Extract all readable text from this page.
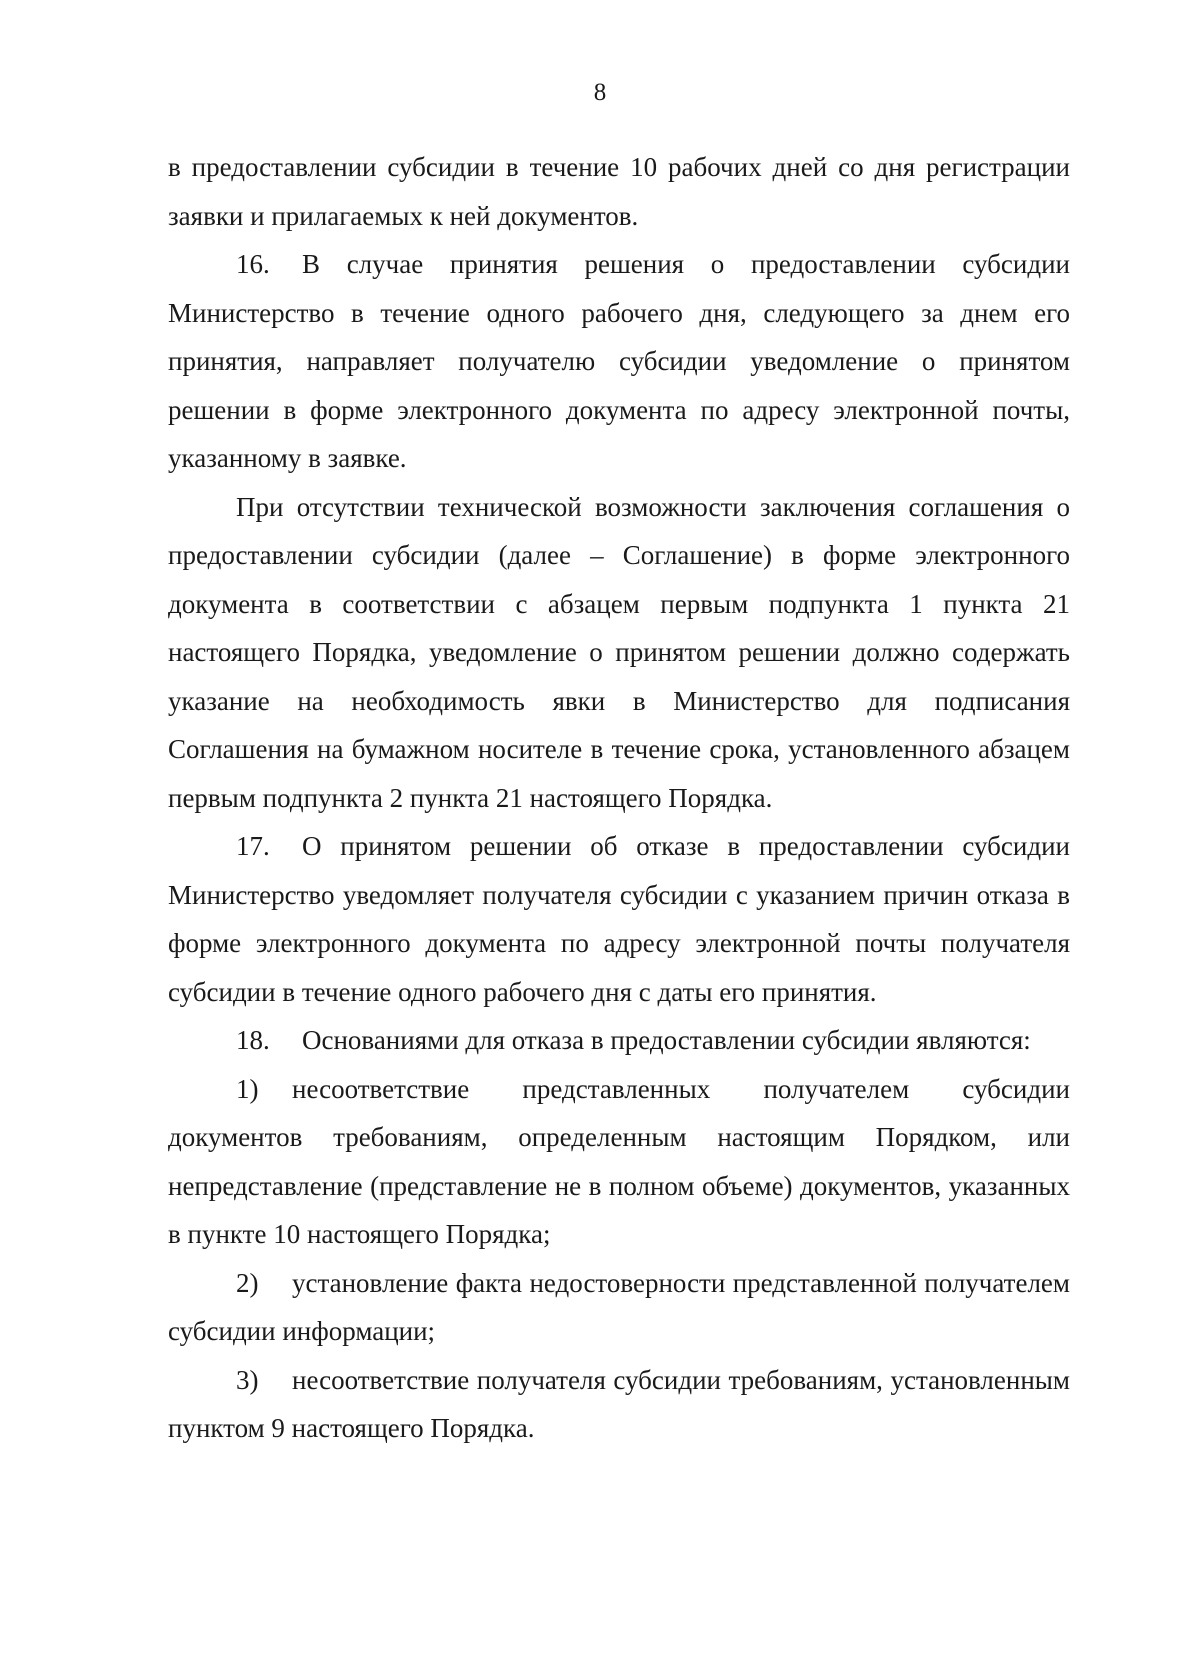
8

в предоставлении субсидии в течение 10 рабочих дней со дня регистрации заявки и прилагаемых к ней документов.

16. В случае принятия решения о предоставлении субсидии Министерство в течение одного рабочего дня, следующего за днем его принятия, направляет получателю субсидии уведомление о принятом решении в форме электронного документа по адресу электронной почты, указанному в заявке.

При отсутствии технической возможности заключения соглашения о предоставлении субсидии (далее – Соглашение) в форме электронного документа в соответствии с абзацем первым подпункта 1 пункта 21 настоящего Порядка, уведомление о принятом решении должно содержать указание на необходимость явки в Министерство для подписания Соглашения на бумажном носителе в течение срока, установленного абзацем первым подпункта 2 пункта 21 настоящего Порядка.

17. О принятом решении об отказе в предоставлении субсидии Министерство уведомляет получателя субсидии с указанием причин отказа в форме электронного документа по адресу электронной почты получателя субсидии в течение одного рабочего дня с даты его принятия.

18. Основаниями для отказа в предоставлении субсидии являются:

1) несоответствие представленных получателем субсидии документов требованиям, определенным настоящим Порядком, или непредставление (представление не в полном объеме) документов, указанных в пункте 10 настоящего Порядка;

2) установление факта недостоверности представленной получателем субсидии информации;

3) несоответствие получателя субсидии требованиям, установленным пунктом 9 настоящего Порядка.
